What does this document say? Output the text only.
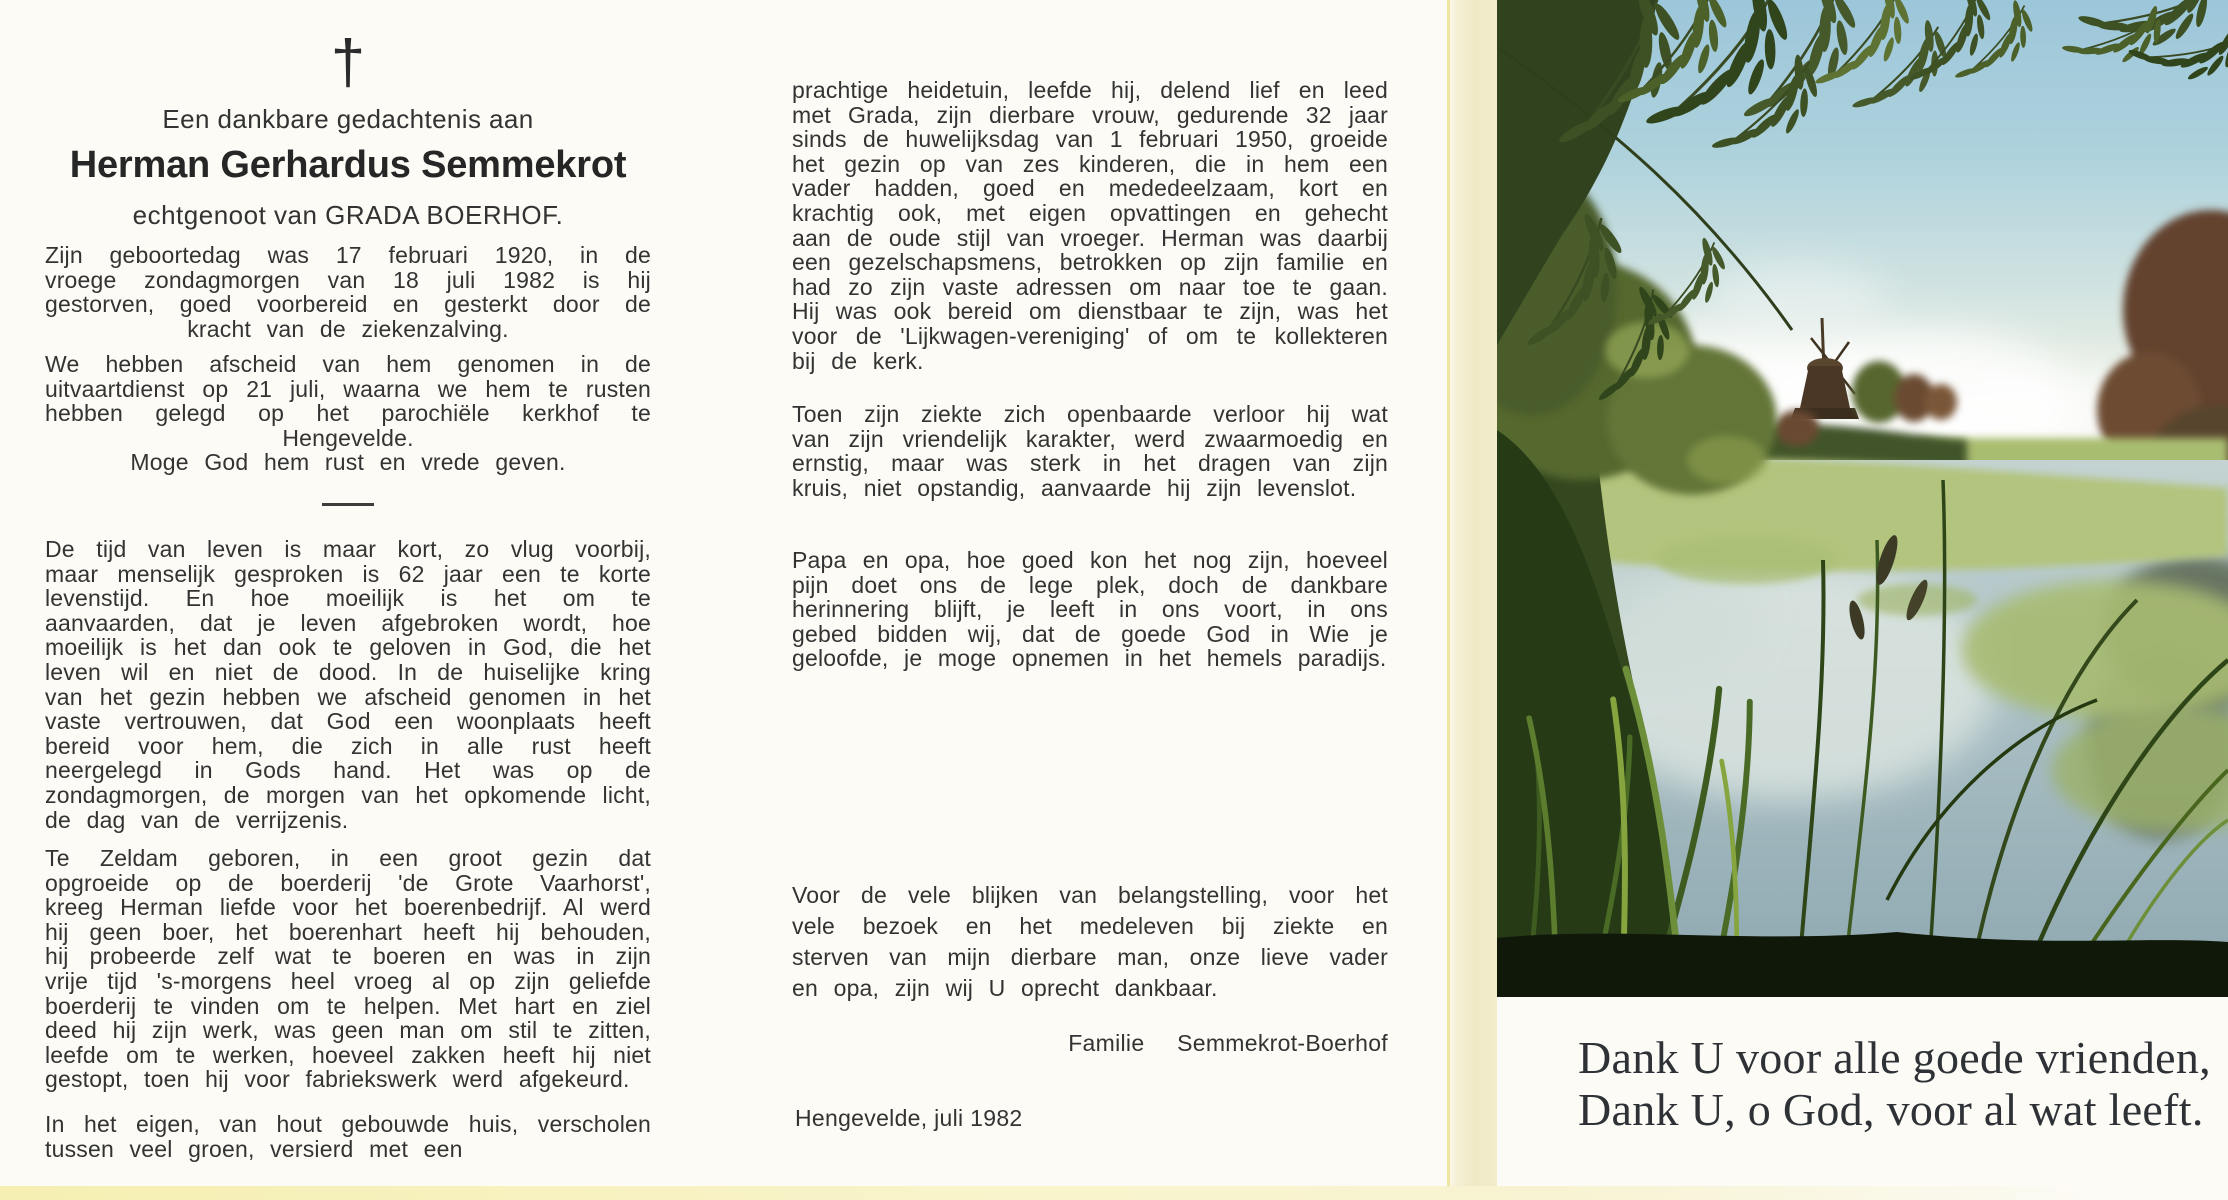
†
Een dankbare gedachtenis aan
Herman Gerhardus Semmekrot
echtgenoot van GRADA BOERHOF.
Zijn geboortedag was 17 februari 1920, in de vroege zondagmorgen van 18 juli 1982 is hij gestorven, goed voorbereid en gesterkt door de kracht van de ziekenzalving.
We hebben afscheid van hem genomen in de uitvaartdienst op 21 juli, waarna we hem te rusten hebben gelegd op het parochiële kerkhof te Hengevelde.
Moge God hem rust en vrede geven.
De tijd van leven is maar kort, zo vlug voorbij, maar menselijk gesproken is 62 jaar een te korte levenstijd. En hoe moeilijk is het om te aanvaarden, dat je leven afgebroken wordt, hoe moeilijk is het dan ook te geloven in God, die het leven wil en niet de dood. In de huiselijke kring van het gezin hebben we afscheid genomen in het vaste vertrouwen, dat God een woonplaats heeft bereid voor hem, die zich in alle rust heeft neergelegd in Gods hand. Het was op de zondagmorgen, de morgen van het opkomende licht, de dag van de verrijzenis.
Te Zeldam geboren, in een groot gezin dat opgroeide op de boerderij 'de Grote Vaarhorst', kreeg Herman liefde voor het boerenbedrijf. Al werd hij geen boer, het boerenhart heeft hij behouden, hij probeerde zelf wat te boeren en was in zijn vrije tijd 's-morgens heel vroeg al op zijn geliefde boerderij te vinden om te helpen. Met hart en ziel deed hij zijn werk, was geen man om stil te zitten, leefde om te werken, hoeveel zakken heeft hij niet gestopt, toen hij voor fabriekswerk werd afgekeurd.
In het eigen, van hout gebouwde huis, verscholen tussen veel groen, versierd met een
prachtige heidetuin, leefde hij, delend lief en leed met Grada, zijn dierbare vrouw, gedurende 32 jaar sinds de huwelijksdag van 1 februari 1950, groeide het gezin op van zes kinderen, die in hem een vader hadden, goed en mededeelzaam, kort en krachtig ook, met eigen opvattingen en gehecht aan de oude stijl van vroeger. Herman was daarbij een gezelschapsmens, betrokken op zijn familie en had zo zijn vaste adressen om naar toe te gaan. Hij was ook bereid om dienstbaar te zijn, was het voor de 'Lijkwagen-vereniging' of om te kollekteren bij de kerk.
Toen zijn ziekte zich openbaarde verloor hij wat van zijn vriendelijk karakter, werd zwaarmoedig en ernstig, maar was sterk in het dragen van zijn kruis, niet opstandig, aanvaarde hij zijn levenslot.
Papa en opa, hoe goed kon het nog zijn, hoeveel pijn doet ons de lege plek, doch de dankbare herinnering blijft, je leeft in ons voort, in ons gebed bidden wij, dat de goede God in Wie je geloofde, je moge opnemen in het hemels paradijs.
Voor de vele blijken van belangstelling, voor het vele bezoek en het medeleven bij ziekte en sterven van mijn dierbare man, onze lieve vader en opa, zijn wij U oprecht dankbaar.
Familie Semmekrot-Boerhof
Hengevelde, juli 1982
Dank U voor alle goede vrienden,
Dank U, o God, voor al wat leeft.
